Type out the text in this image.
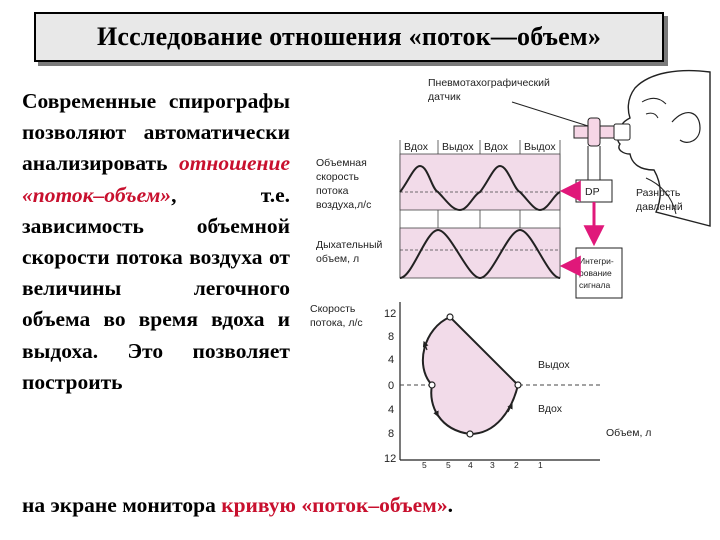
Исследование отношения «поток—объем»
Современные спирографы позволяют автоматически анализировать отношение «поток–объем», т.е. зависимость объемной скорости потока воздуха от величины легочного объема во время вдоха и выдоха. Это позволяет построить
на экране монитора кривую «поток–объем».
Пневмотахографический
датчик
Вдох Выдох Вдох Выдох
Объемная
скорость
потока
воздуха,л/с
Дыхательный
объем, л
DP	Разность
давлений
Интегри-
рование
сигнала
Скорость
потока, л/с
12
8
4
0
4
8
12	5 5 4 3 2 1
Выдох
Вдох
Объем, л
